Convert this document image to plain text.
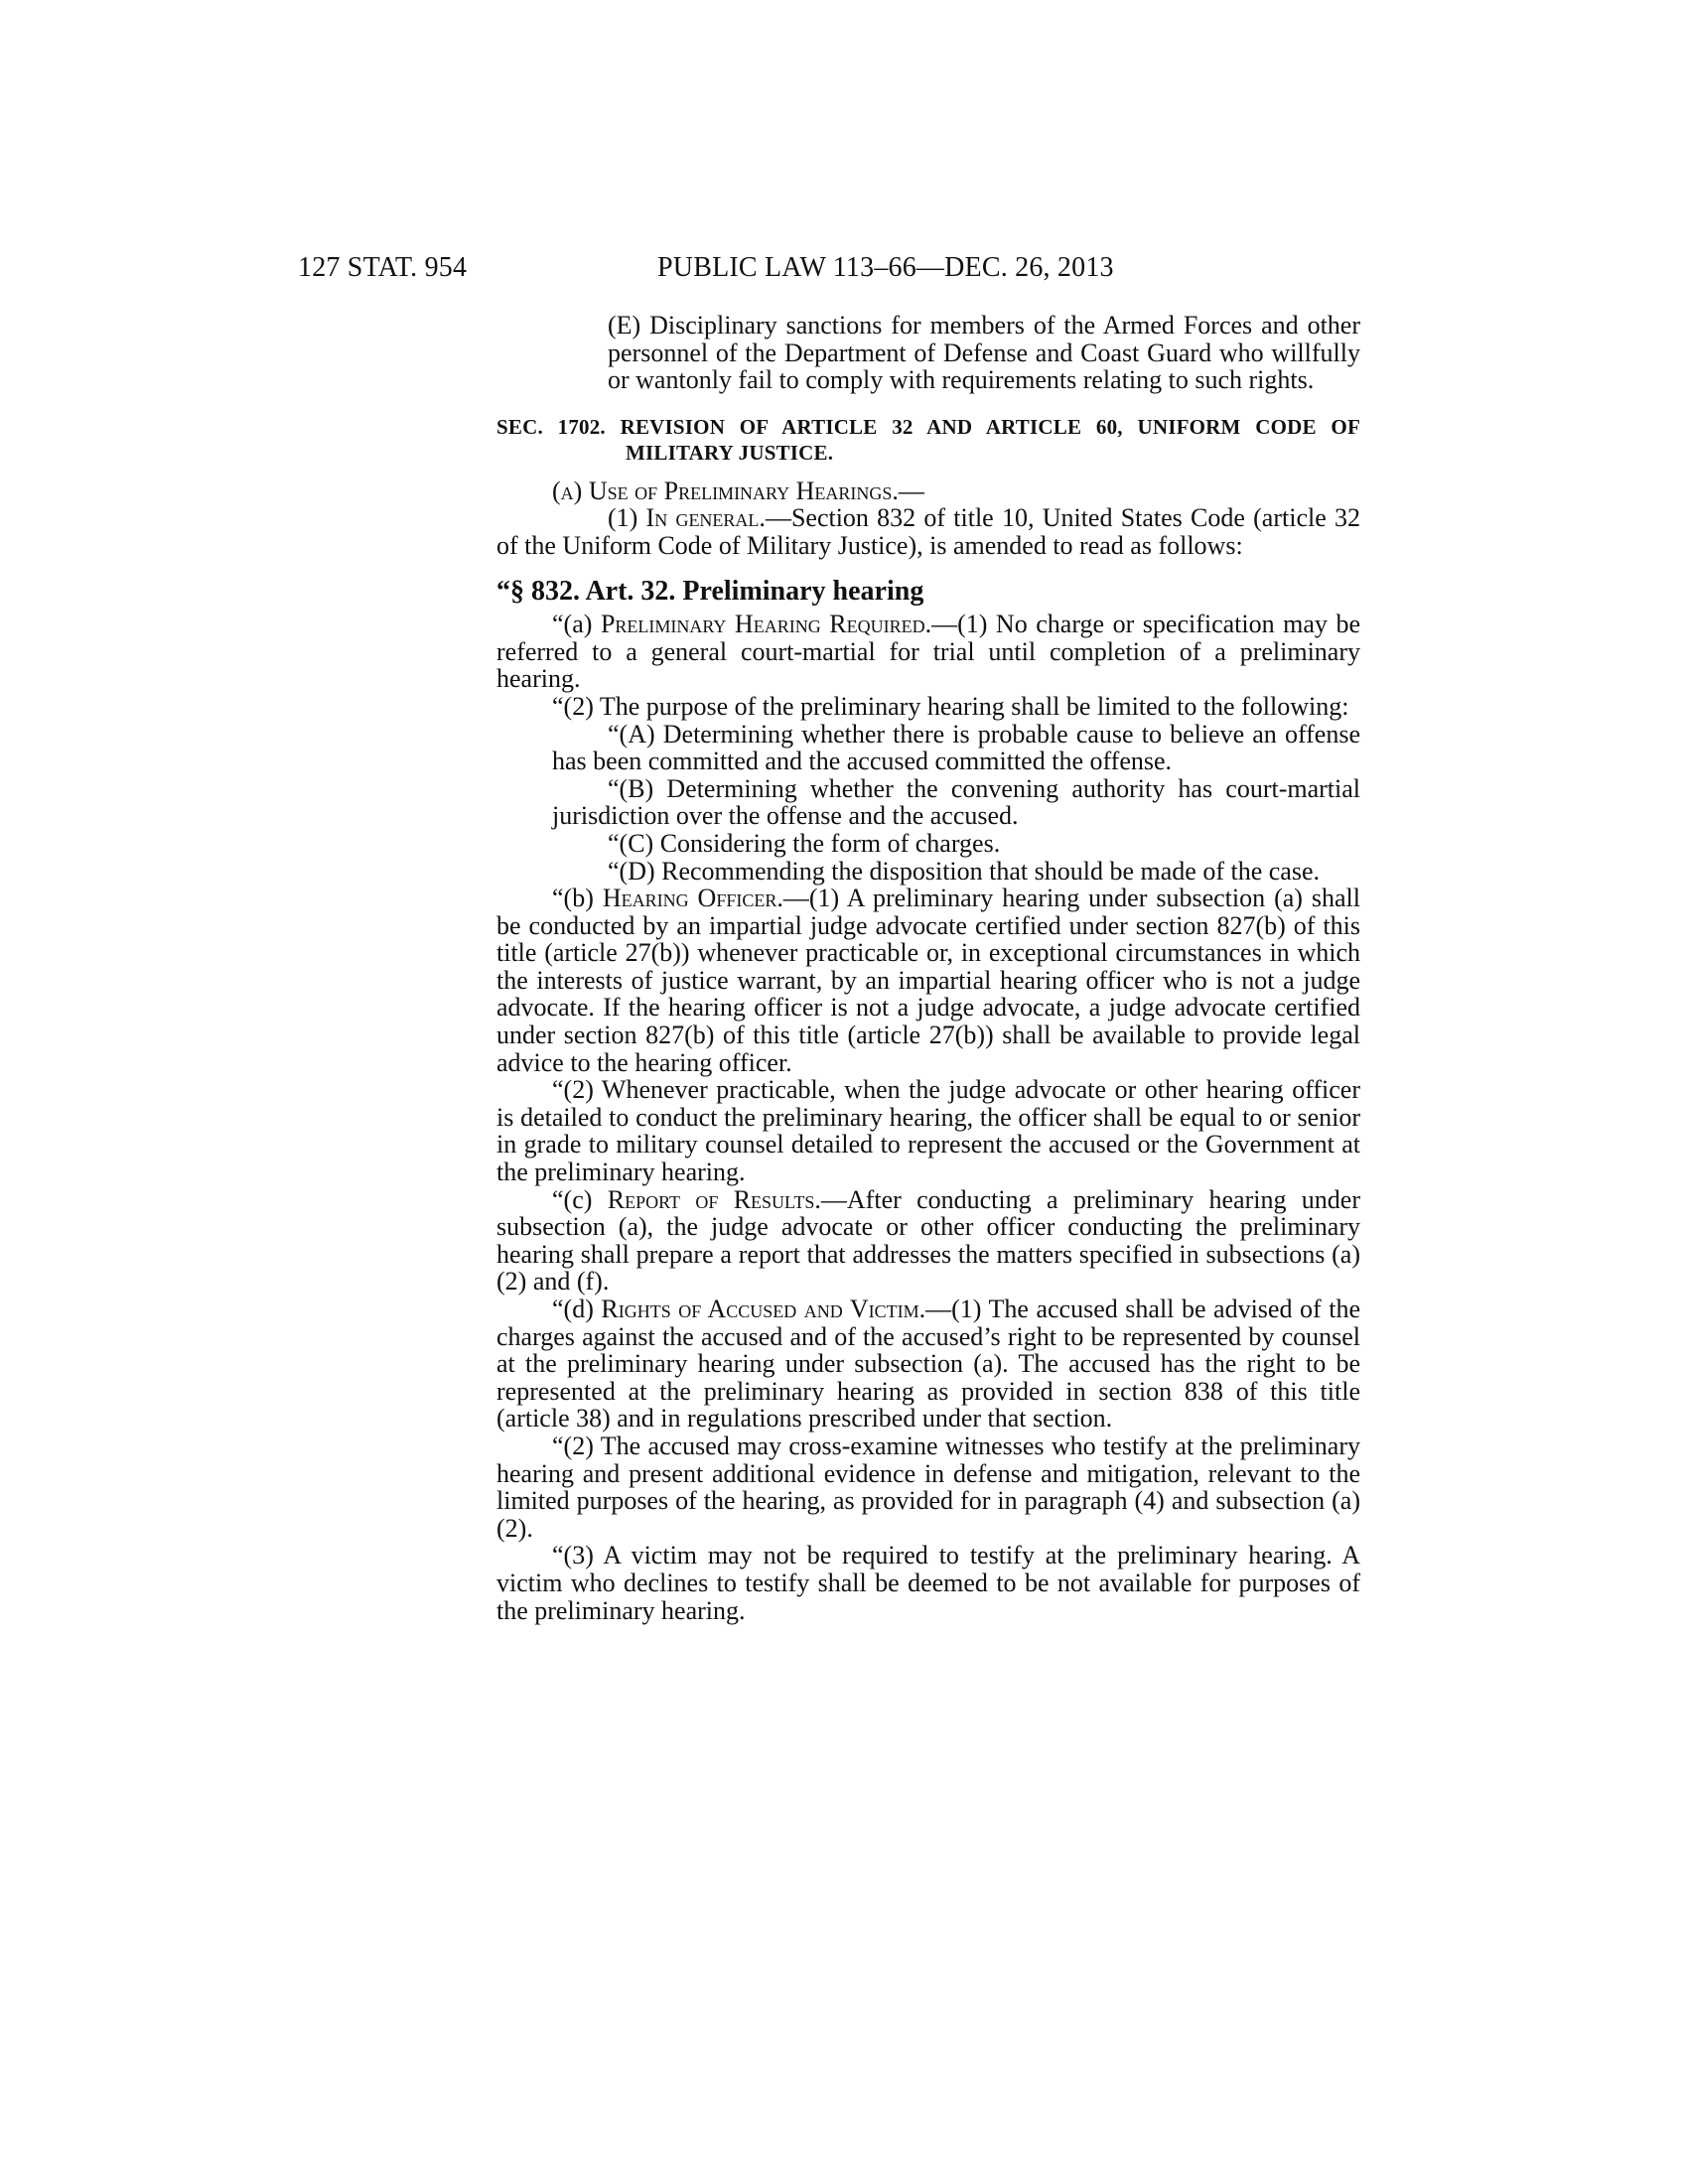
127 STAT. 954	PUBLIC LAW 113–66—DEC. 26, 2013

(E) Disciplinary sanctions for members of the Armed Forces and other personnel of the Department of Defense and Coast Guard who willfully or wantonly fail to comply with requirements relating to such rights.

SEC. 1702. REVISION OF ARTICLE 32 AND ARTICLE 60, UNIFORM CODE OF MILITARY JUSTICE.

(a) Use of Preliminary Hearings.—

(1) In general.—Section 832 of title 10, United States Code (article 32 of the Uniform Code of Military Justice), is amended to read as follows:

“§ 832. Art. 32. Preliminary hearing

“(a) Preliminary Hearing Required.—(1) No charge or specification may be referred to a general court-martial for trial until completion of a preliminary hearing.

“(2) The purpose of the preliminary hearing shall be limited to the following:

“(A) Determining whether there is probable cause to believe an offense has been committed and the accused committed the offense.

“(B) Determining whether the convening authority has court-martial jurisdiction over the offense and the accused.

“(C) Considering the form of charges.

“(D) Recommending the disposition that should be made of the case.

“(b) Hearing Officer.—(1) A preliminary hearing under subsection (a) shall be conducted by an impartial judge advocate certified under section 827(b) of this title (article 27(b)) whenever practicable or, in exceptional circumstances in which the interests of justice warrant, by an impartial hearing officer who is not a judge advocate. If the hearing officer is not a judge advocate, a judge advocate certified under section 827(b) of this title (article 27(b)) shall be available to provide legal advice to the hearing officer.

“(2) Whenever practicable, when the judge advocate or other hearing officer is detailed to conduct the preliminary hearing, the officer shall be equal to or senior in grade to military counsel detailed to represent the accused or the Government at the preliminary hearing.

“(c) Report of Results.—After conducting a preliminary hearing under subsection (a), the judge advocate or other officer conducting the preliminary hearing shall prepare a report that addresses the matters specified in subsections (a)(2) and (f).

“(d) Rights of Accused and Victim.—(1) The accused shall be advised of the charges against the accused and of the accused’s right to be represented by counsel at the preliminary hearing under subsection (a). The accused has the right to be represented at the preliminary hearing as provided in section 838 of this title (article 38) and in regulations prescribed under that section.

“(2) The accused may cross-examine witnesses who testify at the preliminary hearing and present additional evidence in defense and mitigation, relevant to the limited purposes of the hearing, as provided for in paragraph (4) and subsection (a)(2).

“(3) A victim may not be required to testify at the preliminary hearing. A victim who declines to testify shall be deemed to be not available for purposes of the preliminary hearing.
